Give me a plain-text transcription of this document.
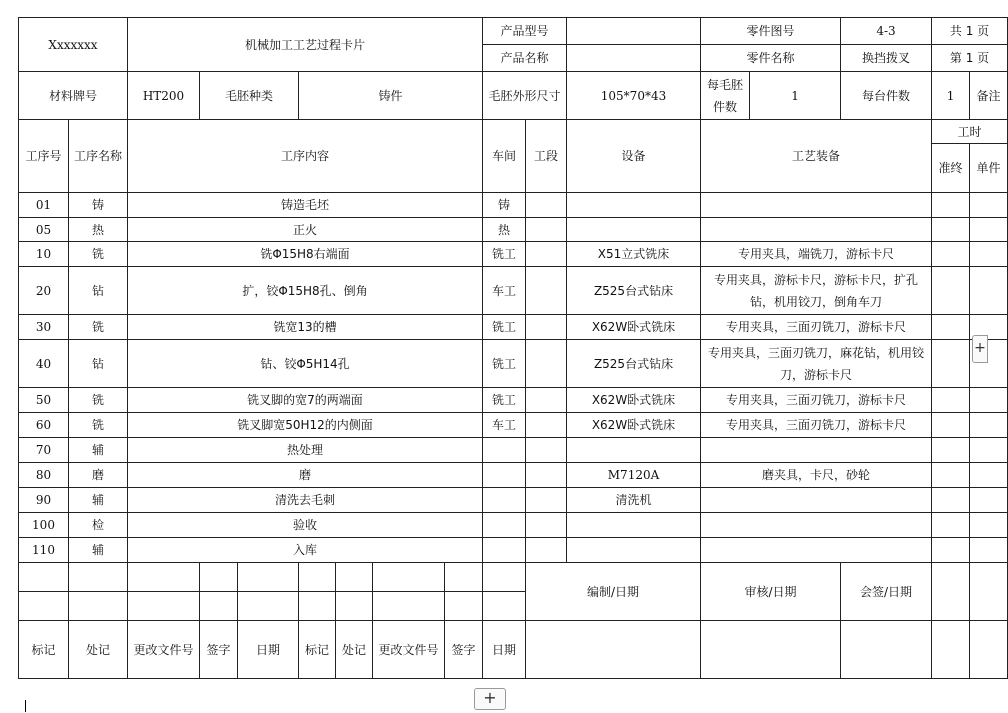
Xxxxxxx		机械加工工艺过程卡片							产品型号			零件图号		4-3	共 1 页	
									产品名称			零件名称		换挡拨叉	第 1 页	
材料牌号		HT200	毛胚种类		铸件				毛胚外形尺寸		105*70*43	每毛胚件数	1	每台件数	1	备注
工序号	工序名称	工序内容							车间	工段	设备	工艺装备			工时	
															准终	单件
01	铸	铸造毛坯							铸							
05	热	正火							热							
10	铣	铣Φ15H8右端面							铣工		X51立式铣床	专用夹具，端铣刀，游标卡尺				
20	钻	扩，铰Φ15H8孔、倒角							车工		Z525台式钻床	专用夹具，游标卡尺，游标卡尺，扩孔钻，机用铰刀，倒角车刀				
30	铣	铣宽13的槽							铣工		X62W卧式铣床	专用夹具，三面刃铣刀，游标卡尺				
40	钻	钻、铰Φ5H14孔							铣工		Z525台式钻床	专用夹具，三面刃铣刀，麻花钻，机用铰刀，游标卡尺				
50	铣	铣叉脚的宽7的两端面							铣工		X62W卧式铣床	专用夹具，三面刃铣刀，游标卡尺				
60	铣	铣叉脚宽50H12的内侧面							车工		X62W卧式铣床	专用夹具，三面刃铣刀，游标卡尺				
70	辅	热处理														
80	磨	磨									M7120A	磨夹具，卡尺，砂轮				
90	辅	清洗去毛刺									清洗机					
100	检	验收														
110	辅	入库														
										编制/日期		审核/日期		会签/日期		

标记	处记	更改文件号	签字	日期	标记	处记	更改文件号	签字	日期							
+
+
